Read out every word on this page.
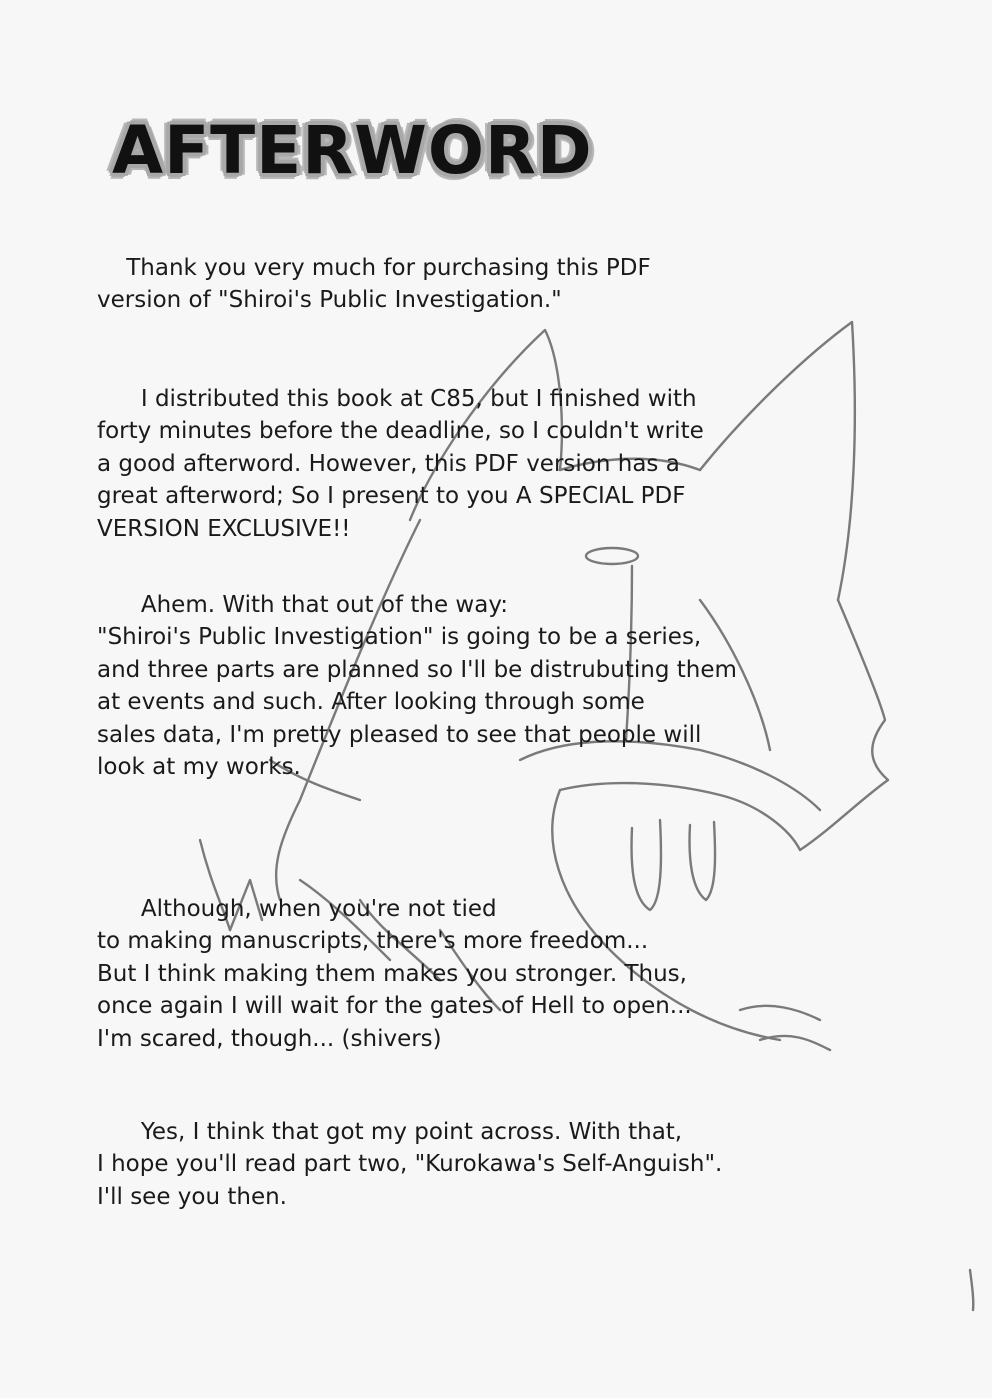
AFTERWORD

Thank you very much for purchasing this PDF
version of "Shiroi's Public Investigation."

I distributed this book at C85, but I finished with
forty minutes before the deadline, so I couldn't write
a good afterword. However, this PDF version has a
great afterword; So I present to you A SPECIAL PDF
VERSION EXCLUSIVE!!

Ahem. With that out of the way:
"Shiroi's Public Investigation" is going to be a series,
and three parts are planned so I'll be distrubuting them
at events and such. After looking through some
sales data, I'm pretty pleased to see that people will
look at my works.

Although, when you're not tied
to making manuscripts, there's more freedom...
But I think making them makes you stronger. Thus,
once again I will wait for the gates of Hell to open...
I'm scared, though... (shivers)

Yes, I think that got my point across. With that,
I hope you'll read part two, "Kurokawa's Self-Anguish".
I'll see you then.
